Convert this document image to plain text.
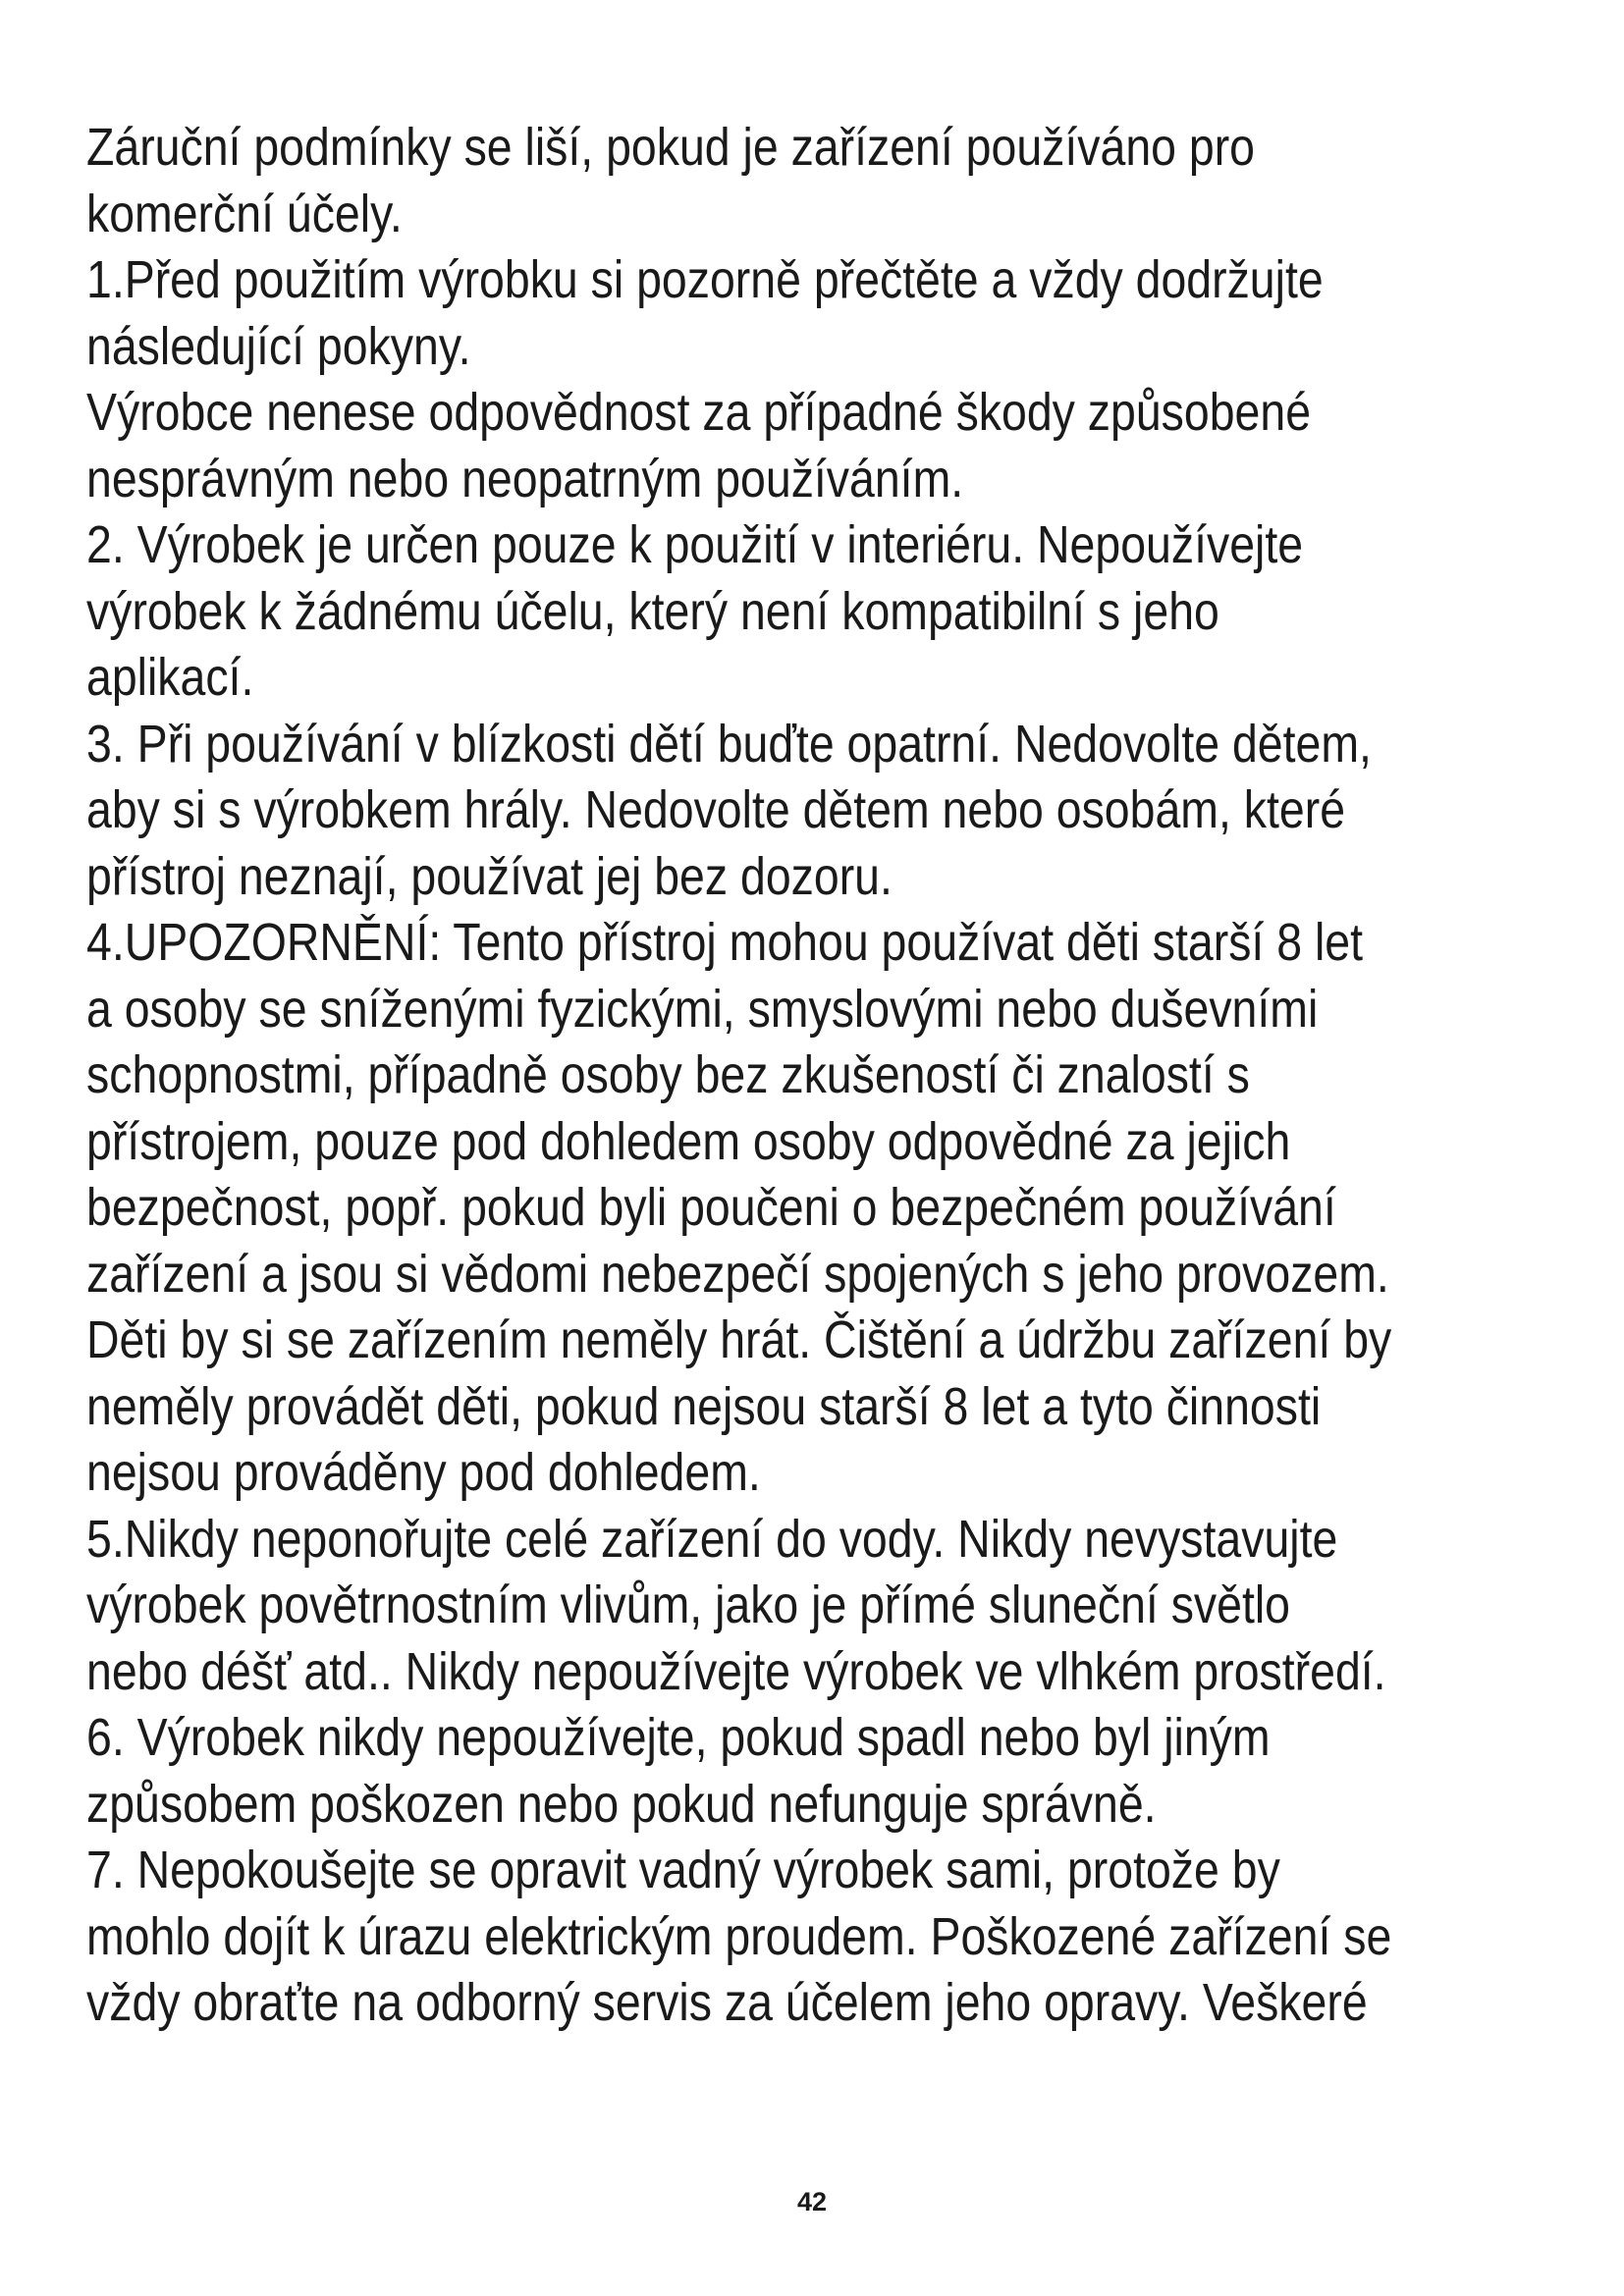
Záruční podmínky se liší, pokud je zařízení používáno pro
komerční účely.
1.Před použitím výrobku si pozorně přečtěte a vždy dodržujte
následující pokyny.
Výrobce nenese odpovědnost za případné škody způsobené
nesprávným nebo neopatrným používáním.
2. Výrobek je určen pouze k použití v interiéru. Nepoužívejte
výrobek k žádnému účelu, který není kompatibilní s jeho
aplikací.
3. Při používání v blízkosti dětí buďte opatrní. Nedovolte dětem,
aby si s výrobkem hrály. Nedovolte dětem nebo osobám, které
přístroj neznají, používat jej bez dozoru.
4.UPOZORNĚNÍ: Tento přístroj mohou používat děti starší 8 let
a osoby se sníženými fyzickými, smyslovými nebo duševními
schopnostmi, případně osoby bez zkušeností či znalostí s
přístrojem, pouze pod dohledem osoby odpovědné za jejich
bezpečnost, popř. pokud byli poučeni o bezpečném používání
zařízení a jsou si vědomi nebezpečí spojených s jeho provozem.
Děti by si se zařízením neměly hrát. Čištění a údržbu zařízení by
neměly provádět děti, pokud nejsou starší 8 let a tyto činnosti
nejsou prováděny pod dohledem.
5.Nikdy neponořujte celé zařízení do vody. Nikdy nevystavujte
výrobek povětrnostním vlivům, jako je přímé sluneční světlo
nebo déšť atd.. Nikdy nepoužívejte výrobek ve vlhkém prostředí.
6. Výrobek nikdy nepoužívejte, pokud spadl nebo byl jiným
způsobem poškozen nebo pokud nefunguje správně.
7. Nepokoušejte se opravit vadný výrobek sami, protože by
mohlo dojít k úrazu elektrickým proudem. Poškozené zařízení se
vždy obraťte na odborný servis za účelem jeho opravy. Veškeré
42
